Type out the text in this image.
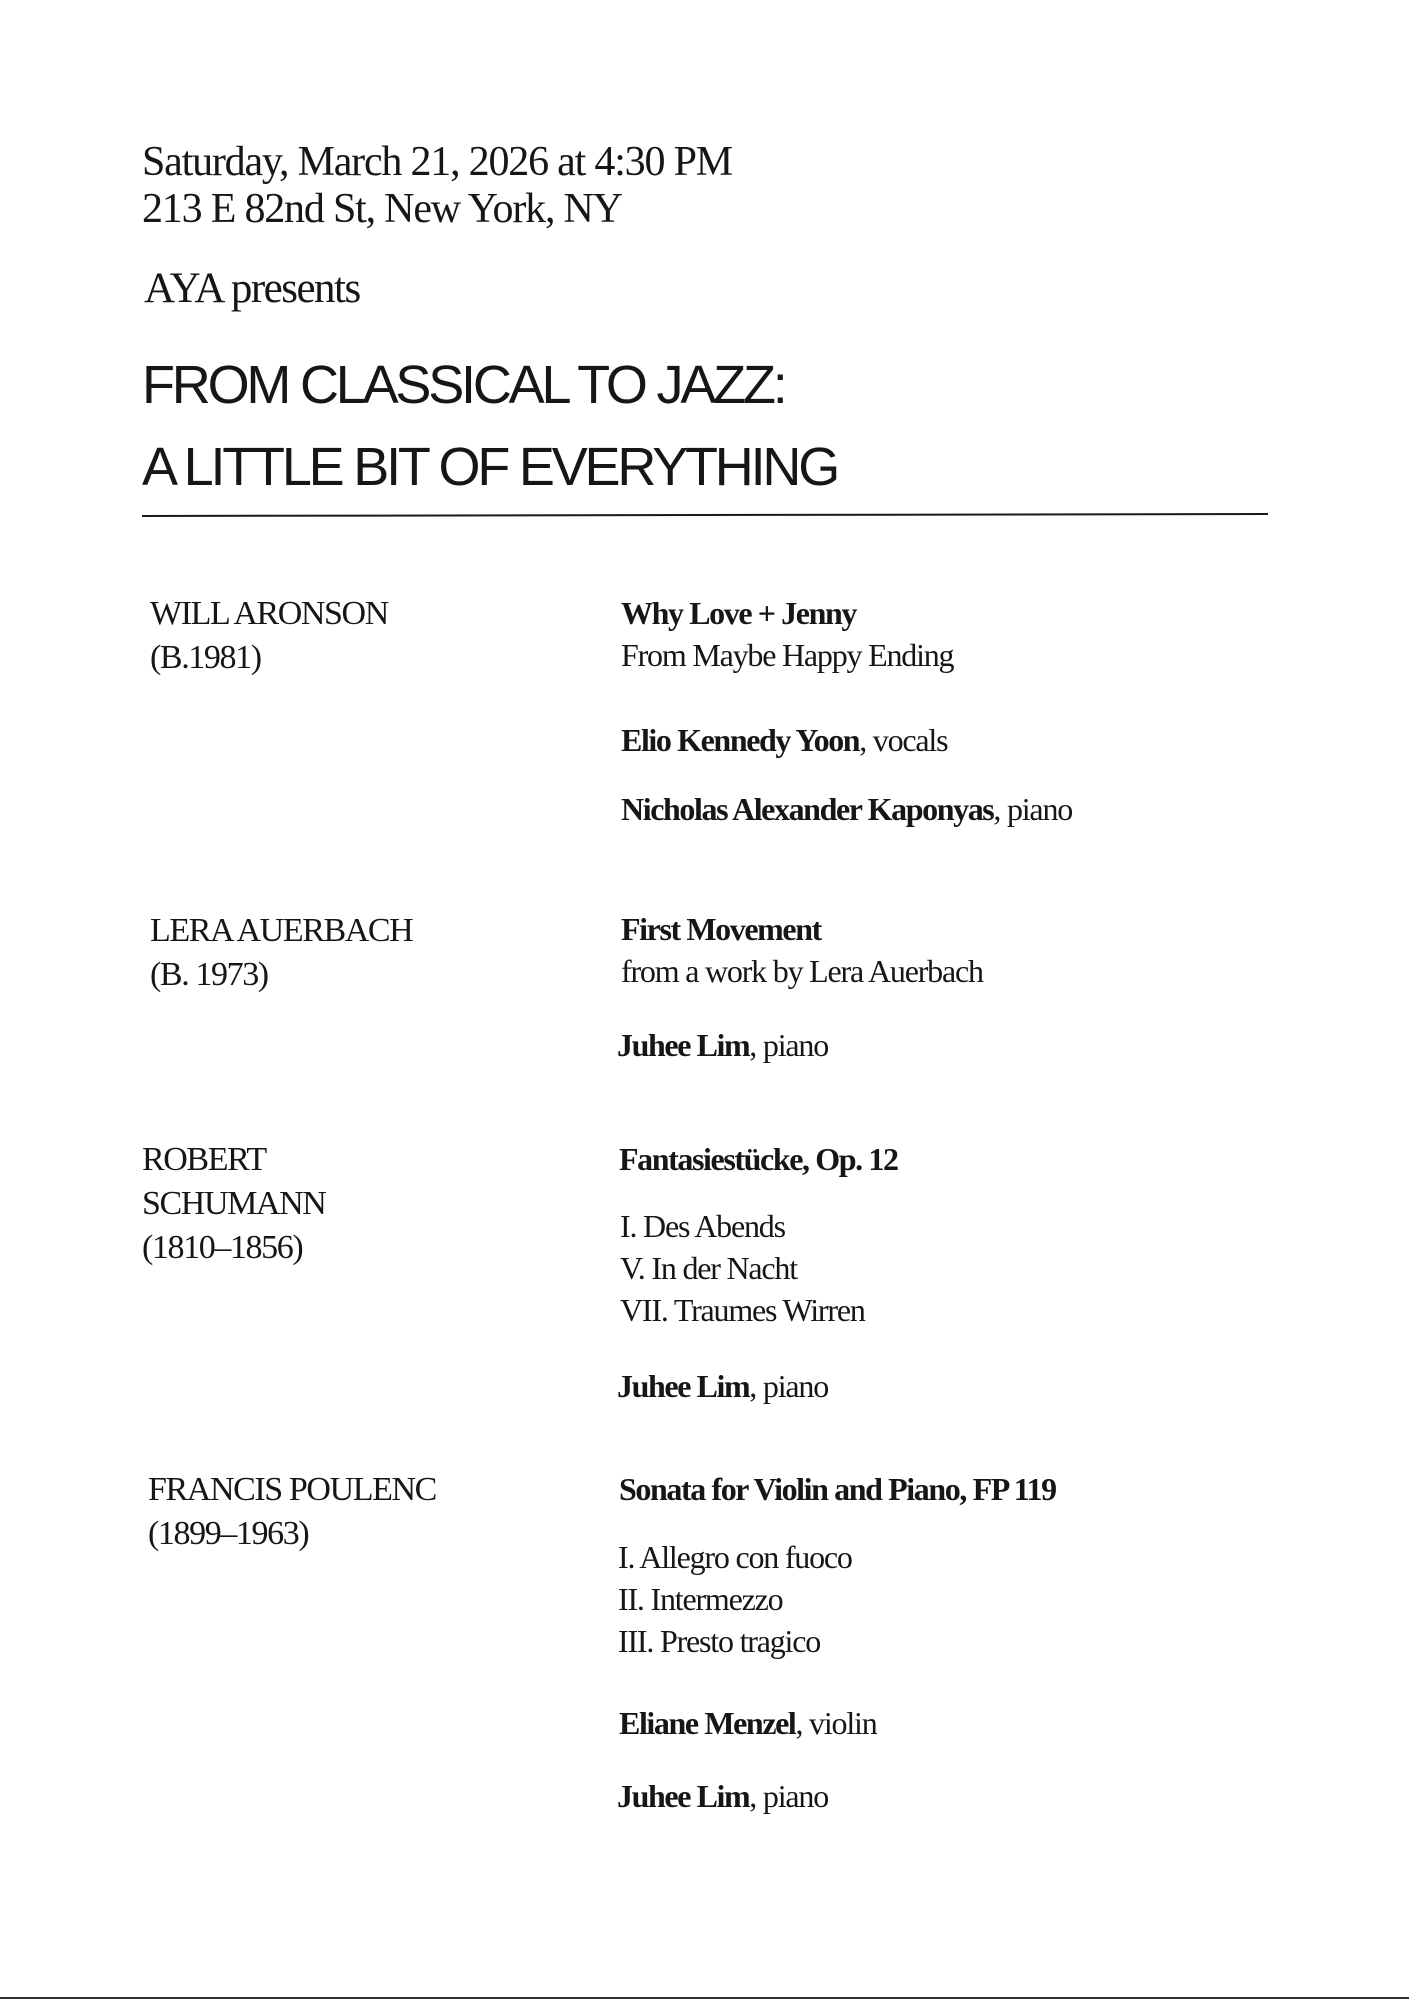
Saturday, March 21, 2026 at 4:30 PM
213 E 82nd St, New York, NY
AYA presents
FROM CLASSICAL TO JAZZ:
A LITTLE BIT OF EVERYTHING
WILL ARONSON
(B.1981)
Why Love + Jenny
From Maybe Happy Ending
Elio Kennedy Yoon, vocals
Nicholas Alexander Kaponyas, piano
LERA AUERBACH
(B. 1973)
First Movement
from a work by Lera Auerbach
Juhee Lim, piano
ROBERT
SCHUMANN
(1810–1856)
Fantasiestücke, Op. 12
I. Des Abends
V. In der Nacht
VII. Traumes Wirren
Juhee Lim, piano
FRANCIS POULENC
(1899–1963)
Sonata for Violin and Piano, FP 119
I. Allegro con fuoco
II. Intermezzo
III. Presto tragico
Eliane Menzel, violin
Juhee Lim, piano
